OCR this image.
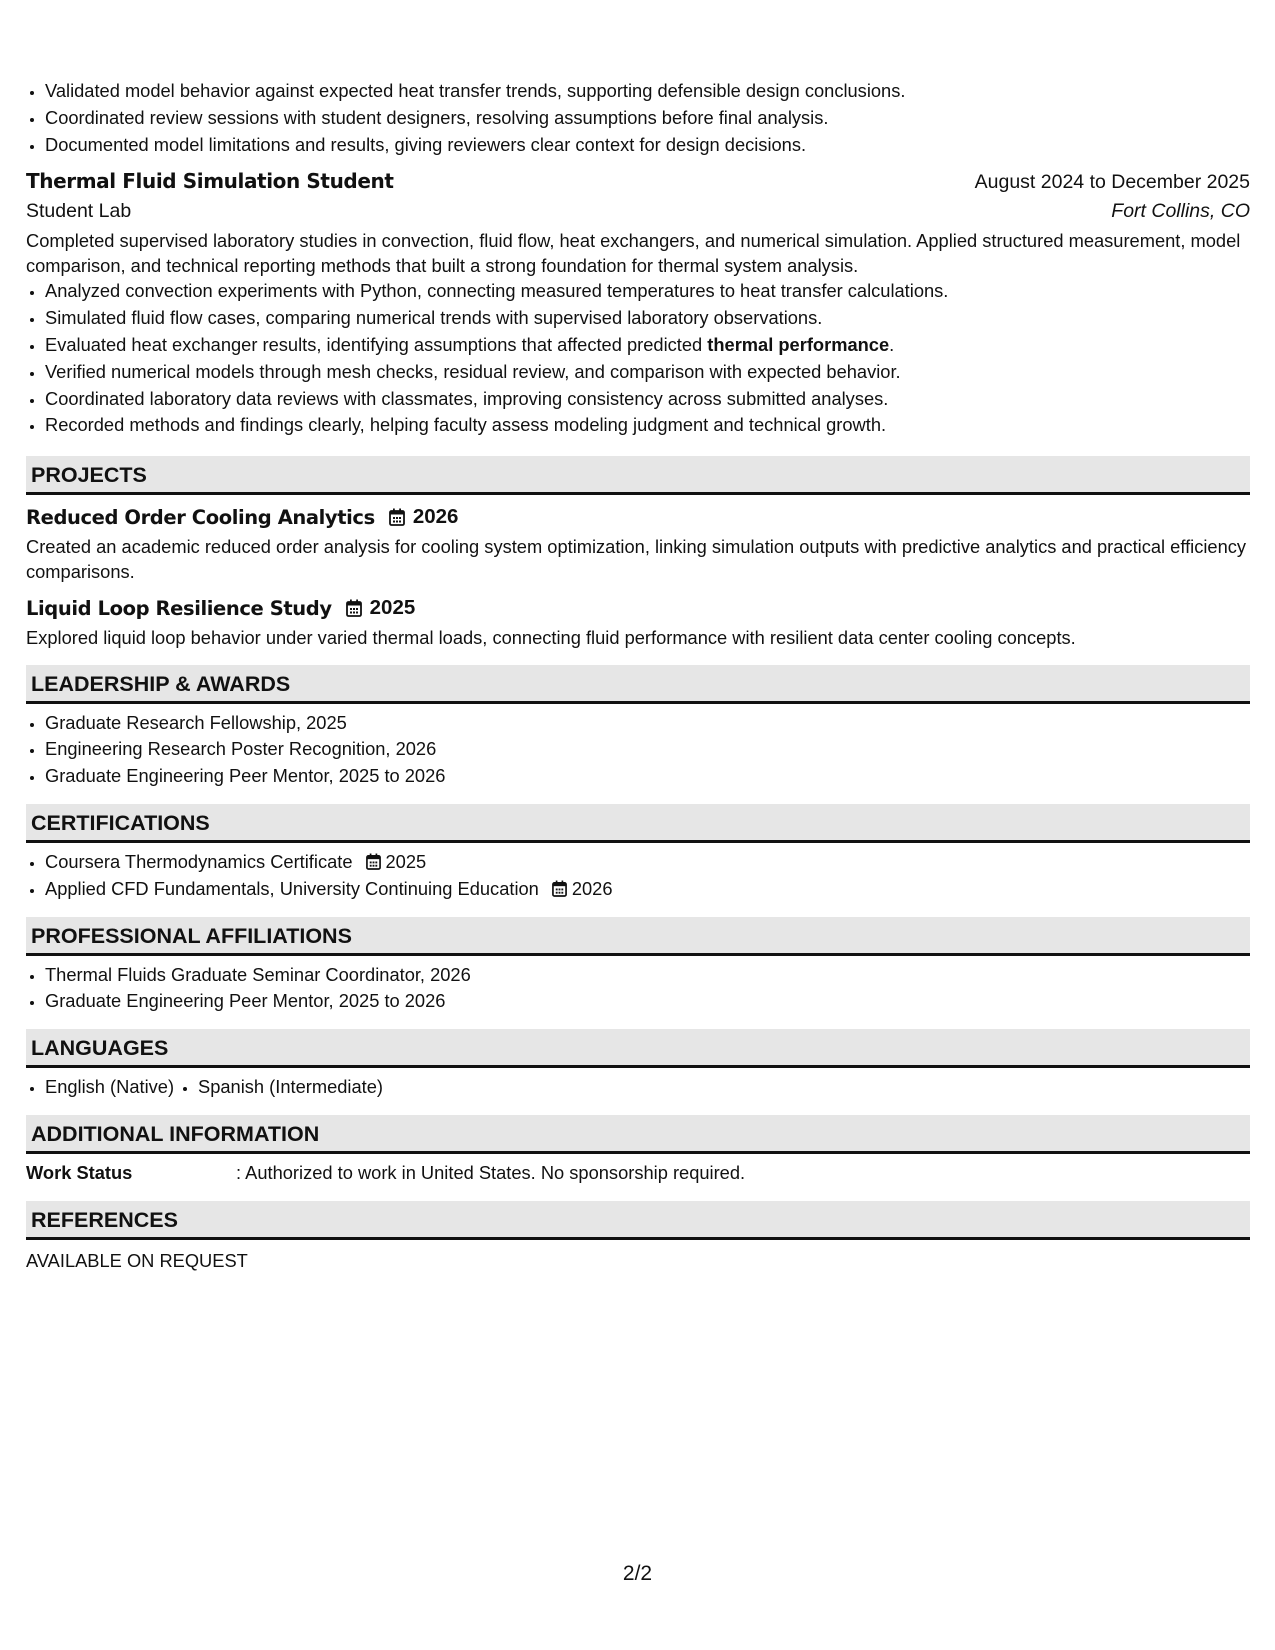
• Validated model behavior against expected heat transfer trends, supporting defensible design conclusions.
• Coordinated review sessions with student designers, resolving assumptions before final analysis.
• Documented model limitations and results, giving reviewers clear context for design decisions.
Thermal Fluid Simulation Student	August 2024 to December 2025
Student Lab	Fort Collins, CO

Completed supervised laboratory studies in convection, fluid flow, heat exchangers, and numerical simulation. Applied structured measurement, model comparison, and technical reporting methods that built a strong foundation for thermal system analysis.

• Analyzed convection experiments with Python, connecting measured temperatures to heat transfer calculations.
• Simulated fluid flow cases, comparing numerical trends with supervised laboratory observations.
• Evaluated heat exchanger results, identifying assumptions that affected predicted thermal performance.
• Verified numerical models through mesh checks, residual review, and comparison with expected behavior.
• Coordinated laboratory data reviews with classmates, improving consistency across submitted analyses.
• Recorded methods and findings clearly, helping faculty assess modeling judgment and technical growth.
PROJECTS
Reduced Order Cooling Analytics 2026

Created an academic reduced order analysis for cooling system optimization, linking simulation outputs with predictive analytics and practical efficiency comparisons.

Liquid Loop Resilience Study 2025

Explored liquid loop behavior under varied thermal loads, connecting fluid performance with resilient data center cooling concepts.

LEADERSHIP & AWARDS
• Graduate Research Fellowship, 2025
• Engineering Research Poster Recognition, 2026
• Graduate Engineering Peer Mentor, 2025 to 2026
CERTIFICATIONS
• Coursera Thermodynamics Certificate 2025
• Applied CFD Fundamentals, University Continuing Education 2026
PROFESSIONAL AFFILIATIONS
• Thermal Fluids Graduate Seminar Coordinator, 2026
• Graduate Engineering Peer Mentor, 2025 to 2026
LANGUAGES
• English (Native)
• Spanish (Intermediate)
ADDITIONAL INFORMATION
Work Status	: Authorized to work in United States. No sponsorship required.
REFERENCES
AVAILABLE ON REQUEST
2/2
